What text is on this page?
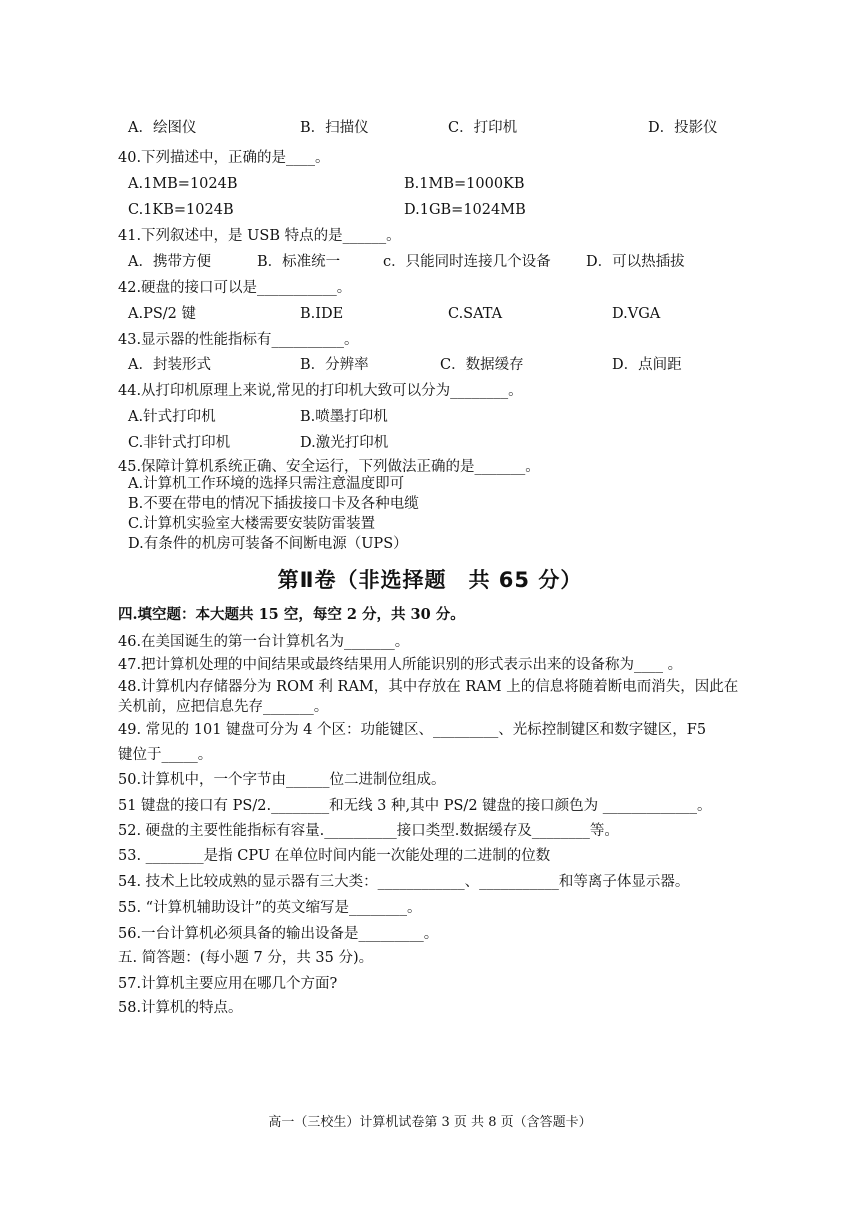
A．绘图仪	B．扫描仪	C．打印机	D．投影仪
40.下列描述中，正确的是____。
A.1MB=1024B	B.1MB=1000KB
C.1KB=1024B	D.1GB=1024MB
41.下列叙述中，是 USB 特点的是______。
A．携带方便	B．标准统一	c．只能同时连接几个设备 D．可以热插拔
42.硬盘的接口可以是___________。
A.PS/2 键	B.IDE	C.SATA	D.VGA
43.显示器的性能指标有__________。
A．封装形式	B．分辨率	C．数据缓存	D．点间距
44.从打印机原理上来说,常见的打印机大致可以分为________。
A.针式打印机	B.喷墨打印机
C.非针式打印机	D.激光打印机
45.保障计算机系统正确、安全运行，下列做法正确的是_______。
A.计算机工作环境的选择只需注意温度即可
B.不要在带电的情况下插拔接口卡及各种电缆
C.计算机实验室大楼需要安装防雷装置
D.有条件的机房可装备不间断电源（UPS）
第Ⅱ卷（非选择题　共 65 分）
四.填空题：本大题共 15 空，每空 2 分，共 30 分。
46.在美国诞生的第一台计算机名为_______。
47.把计算机处理的中间结果或最终结果用人所能识别的形式表示出来的设备称为____ 。
48.计算机内存储器分为 ROM 利 RAM，其中存放在 RAM 上的信息将随着断电而消失，因此在
关机前，应把信息先存_______。
49. 常见的 101 键盘可分为 4 个区：功能键区、_________、光标控制键区和数字键区，F5
键位于_____。
50.计算机中，一个字节由______位二进制位组成。
51 键盘的接口有 PS/2.________和无线 3 种,其中 PS/2 键盘的接口颜色为 _____________。
52. 硬盘的主要性能指标有容量.__________接口类型.数据缓存及________等。
53. ________是指 CPU 在单位时间内能一次能处理的二进制的位数
54. 技术上比较成熟的显示器有三大类：____________、___________和等离子体显示器。
55. “计算机辅助设计”的英文缩写是________。
56.一台计算机必须具备的输出设备是_________。
五. 简答题：(每小题 7 分，共 35 分)。
57.计算机主要应用在哪几个方面?
58.计算机的特点。
高一（三校生）计算机试卷第 3 页 共 8 页（含答题卡）
